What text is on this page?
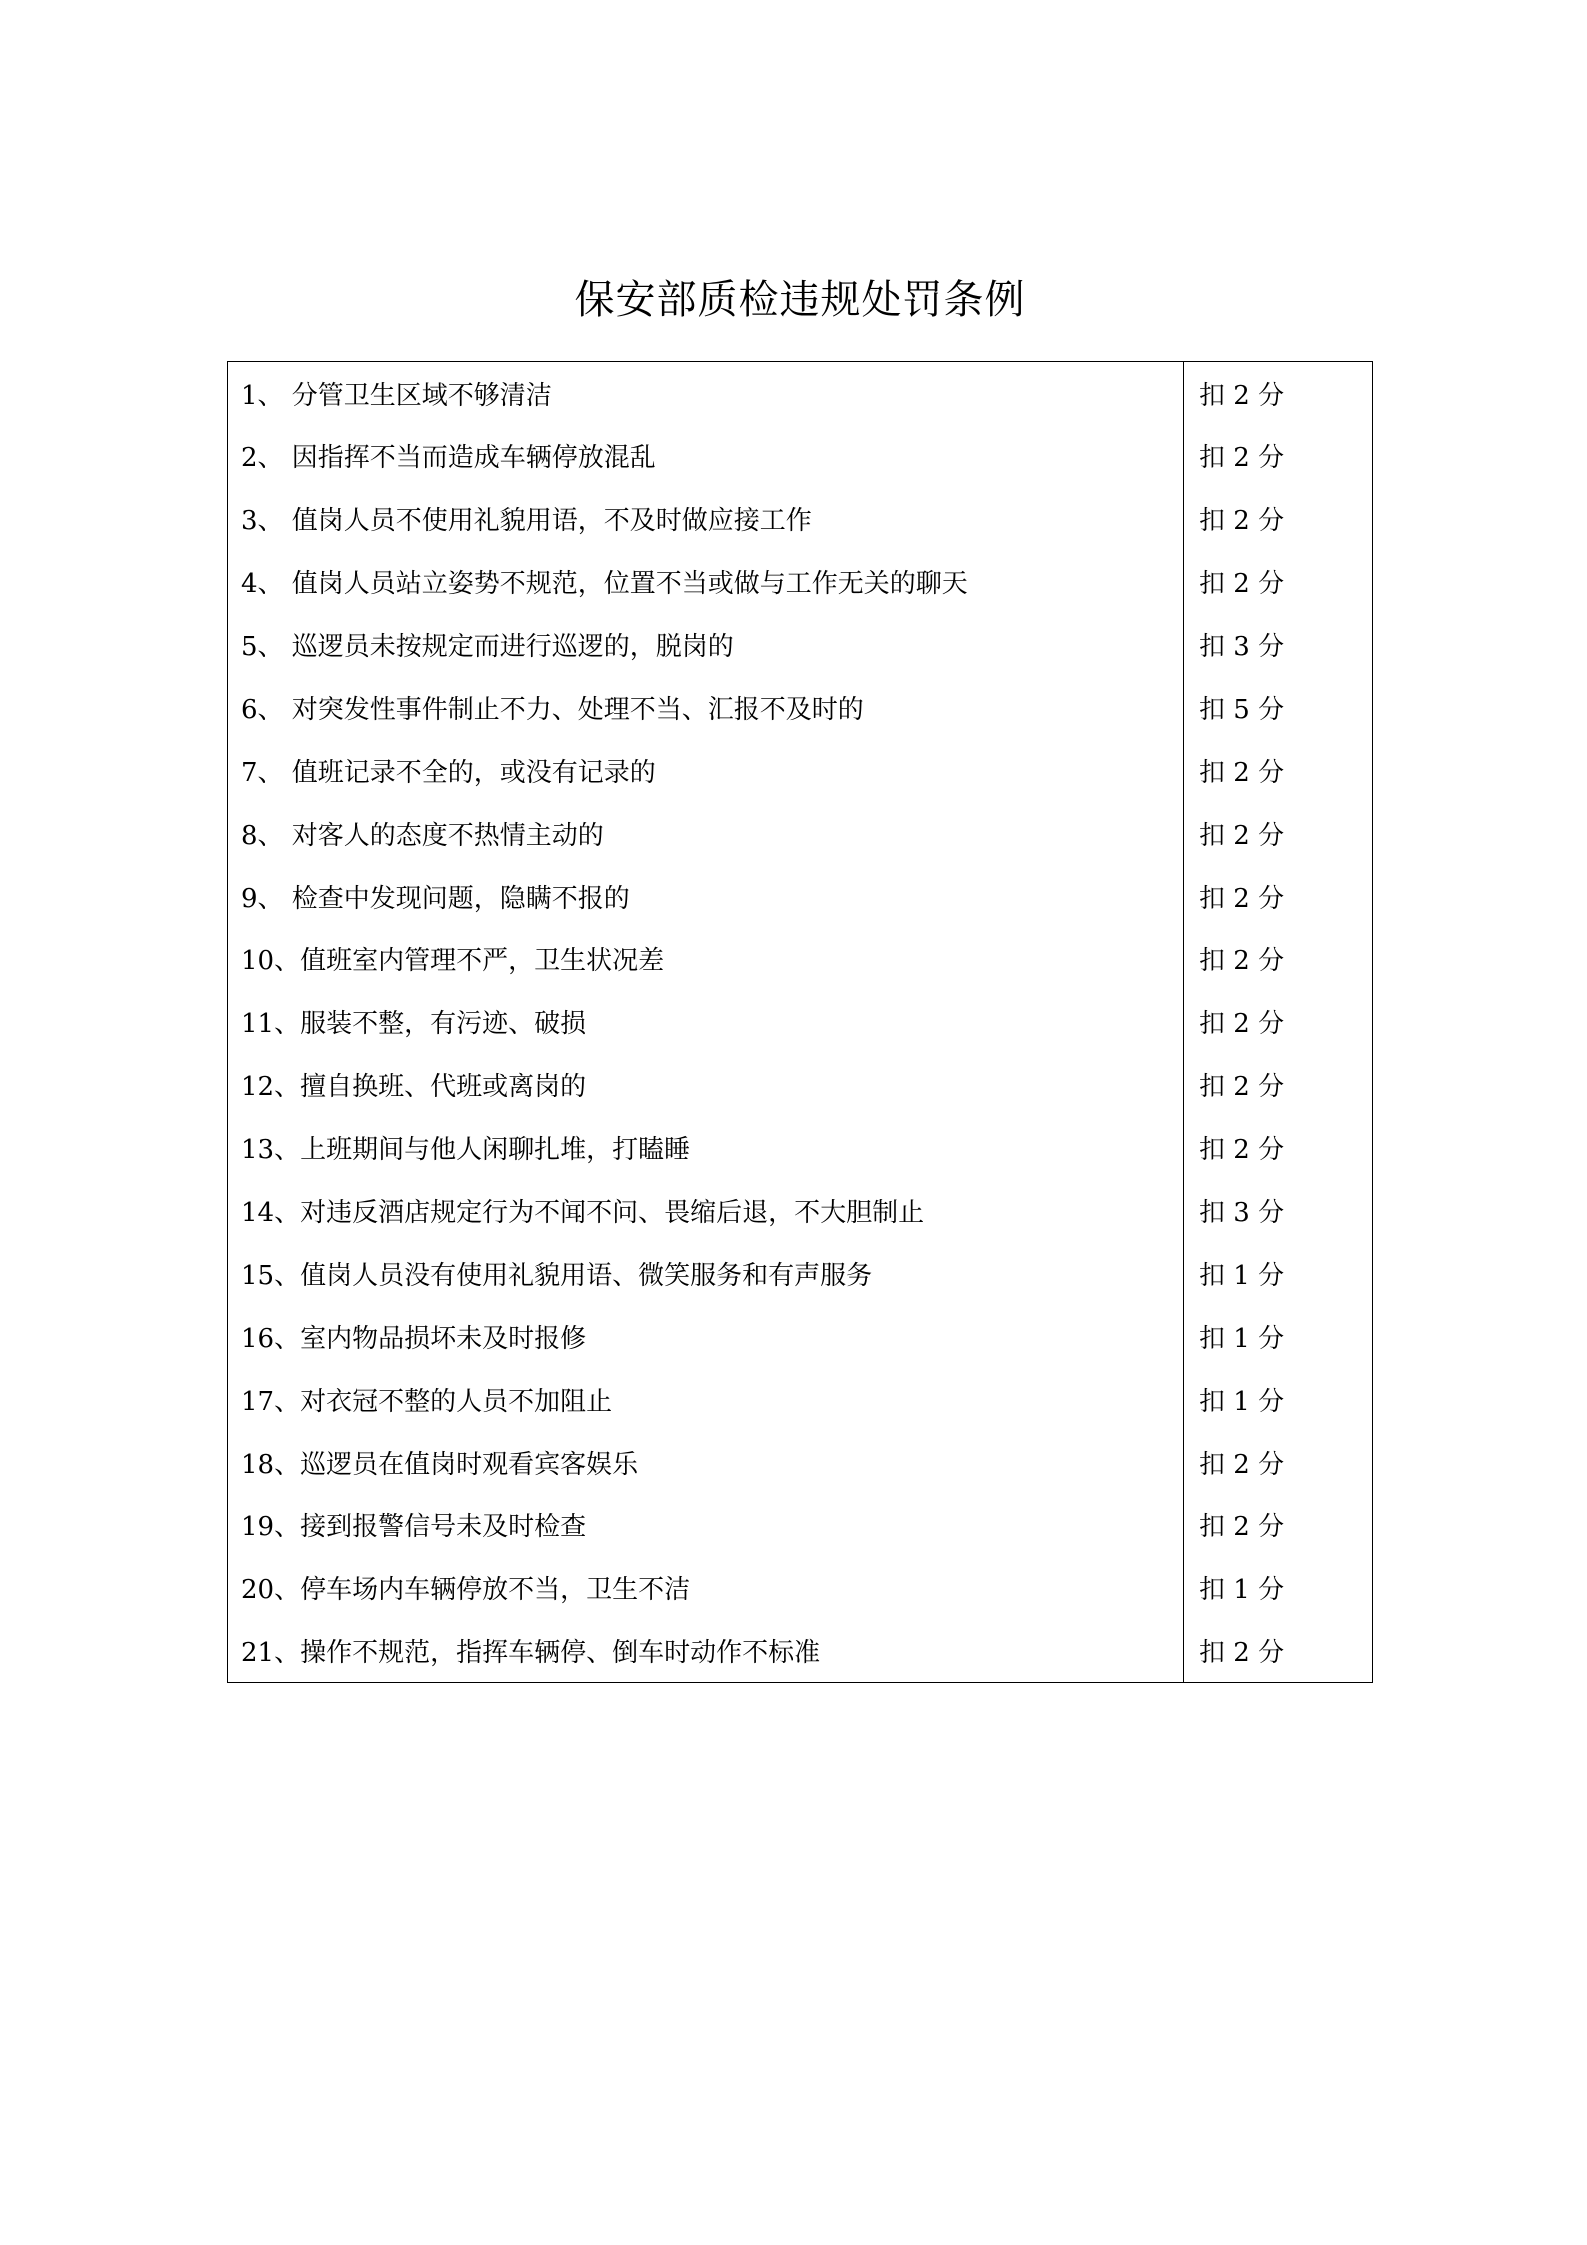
保安部质检违规处罚条例
1、 分管卫生区域不够清洁	扣 2 分
2、 因指挥不当而造成车辆停放混乱	扣 2 分
3、 值岗人员不使用礼貌用语，不及时做应接工作	扣 2 分
4、 值岗人员站立姿势不规范，位置不当或做与工作无关的聊天	扣 2 分
5、 巡逻员未按规定而进行巡逻的，脱岗的	扣 3 分
6、 对突发性事件制止不力、处理不当、汇报不及时的	扣 5 分
7、 值班记录不全的，或没有记录的	扣 2 分
8、 对客人的态度不热情主动的	扣 2 分
9、 检查中发现问题，隐瞒不报的	扣 2 分
10、值班室内管理不严，卫生状况差	扣 2 分
11、服装不整，有污迹、破损	扣 2 分
12、擅自换班、代班或离岗的	扣 2 分
13、上班期间与他人闲聊扎堆，打瞌睡	扣 2 分
14、对违反酒店规定行为不闻不问、畏缩后退，不大胆制止	扣 3 分
15、值岗人员没有使用礼貌用语、微笑服务和有声服务	扣 1 分
16、室内物品损坏未及时报修	扣 1 分
17、对衣冠不整的人员不加阻止	扣 1 分
18、巡逻员在值岗时观看宾客娱乐	扣 2 分
19、接到报警信号未及时检查	扣 2 分
20、停车场内车辆停放不当，卫生不洁	扣 1 分
21、操作不规范，指挥车辆停、倒车时动作不标准	扣 2 分
